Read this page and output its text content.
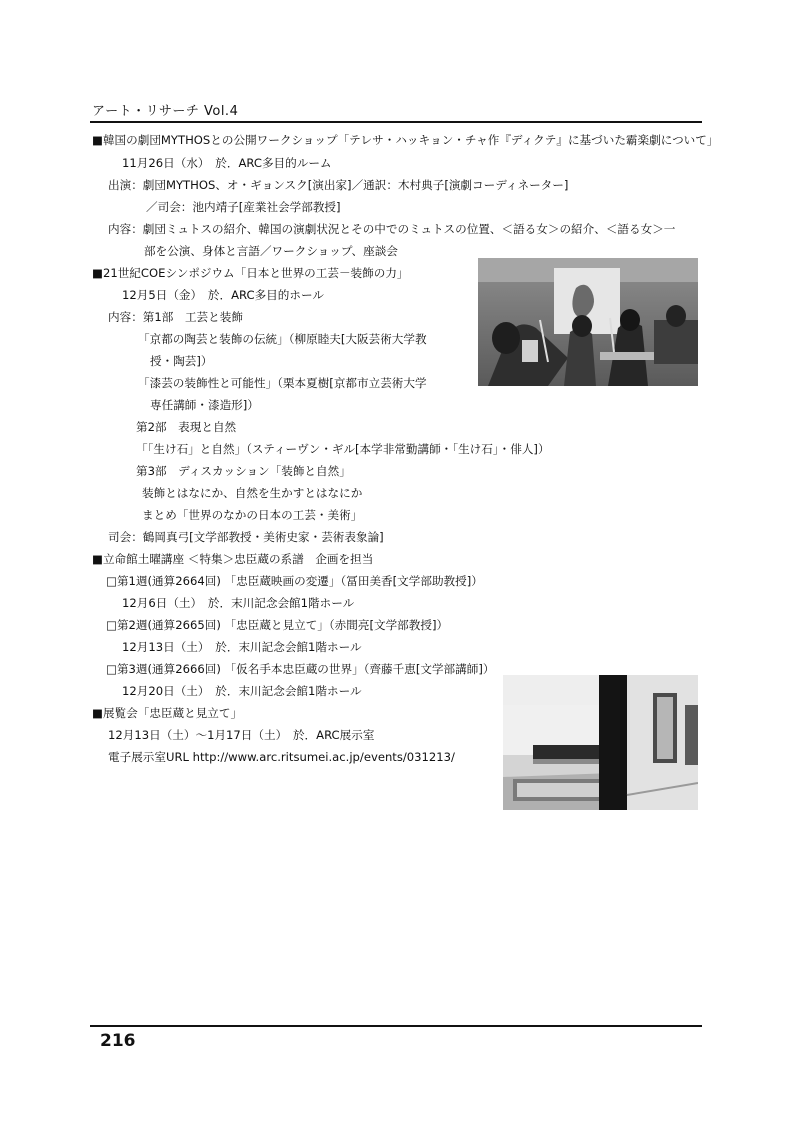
アート・リサーチ Vol.4
■韓国の劇団MYTHOSとの公開ワークショップ「テレサ・ハッキョン・チャ作『ディクテ』に基づいた霸楽劇について」
11月26日（水）　於．ARC多目的ルーム
出演：劇団MYTHOS、オ・ギョンスク[演出家]／通訳：木村典子[演劇コーディネーター]
／司会：池内靖子[産業社会学部教授]
内容：劇団ミュトスの紹介、韓国の演劇状況とその中でのミュトスの位置、＜語る女＞の紹介、＜語る女＞一
部を公演、身体と言語／ワークショップ、座談会
■21世紀COEシンポジウム「日本と世界の工芸－装飾の力」
12月5日（金）　於．ARC多目的ホール
内容：第1部　工芸と装飾
「京都の陶芸と装飾の伝統」（柳原睦夫[大阪芸術大学教
授・陶芸]）
「漆芸の装飾性と可能性」（栗本夏樹[京都市立芸術大学
専任講師・漆造形]）
第2部　表現と自然
「「生け石」と自然」（スティーヴン・ギル[本学非常勤講師・「生け石」・俳人]）
第3部　ディスカッション「装飾と自然」
装飾とはなにか、自然を生かすとはなにか
まとめ「世界のなかの日本の工芸・美術」
司会：鶴岡真弓[文学部教授・美術史家・芸術表象論]
■立命館土曜講座 ＜特集＞忠臣蔵の系譜　企画を担当
□第1週(通算2664回) 「忠臣蔵映画の変遷」（冨田美香[文学部助教授]）
12月6日（土）　於．末川記念会館1階ホール
□第2週(通算2665回) 「忠臣蔵と見立て」（赤間亮[文学部教授]）
12月13日（土）　於．末川記念会館1階ホール
□第3週(通算2666回) 「仮名手本忠臣蔵の世界」（齊藤千恵[文学部講師]）
12月20日（土）　於．末川記念会館1階ホール
■展覧会「忠臣蔵と見立て」
12月13日（土）～1月17日（土）　於．ARC展示室
電子展示室URL http://www.arc.ritsumei.ac.jp/events/031213/
216
